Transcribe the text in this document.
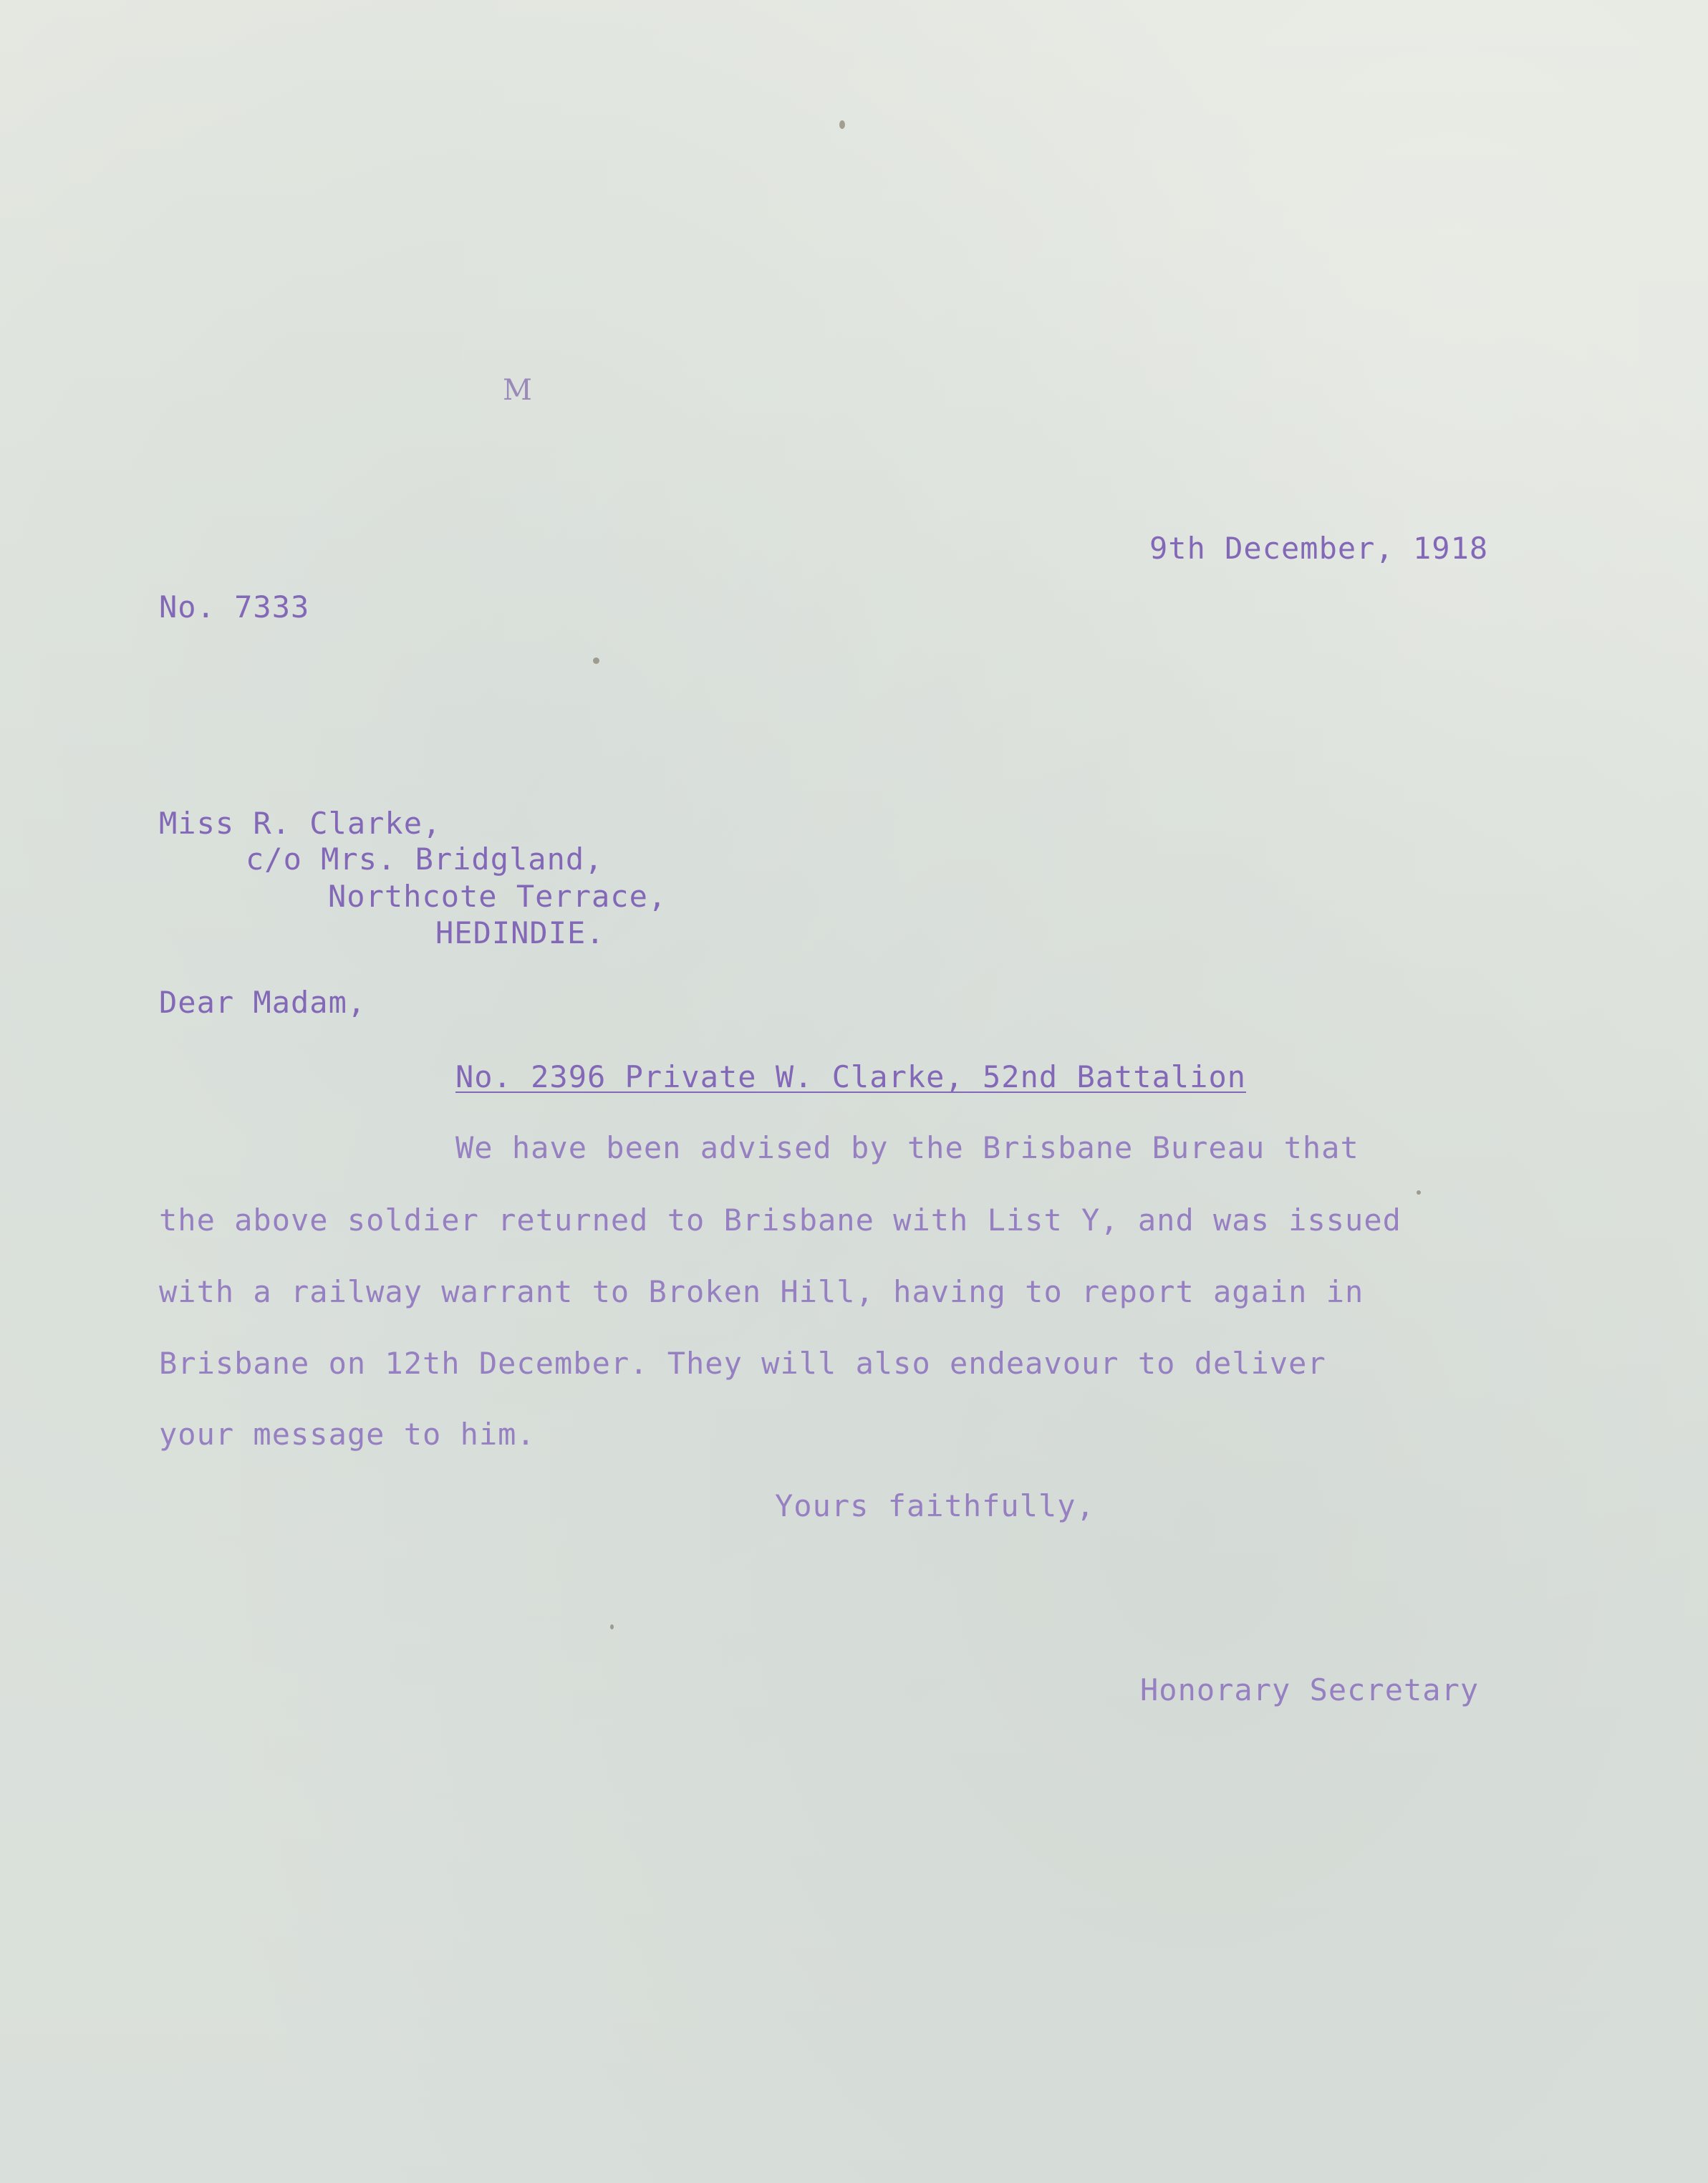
M

9th December, 1918

No. 7333

Miss R. Clarke,

c/o Mrs. Bridgland,

Northcote Terrace,

HEDINDIE.

Dear Madam,

No. 2396 Private W. Clarke, 52nd Battalion

We have been advised by the Brisbane Bureau that

the above soldier returned to Brisbane with List Y, and was issued

with a railway warrant to Broken Hill, having to report again in

Brisbane on 12th December. They will also endeavour to deliver

your message to him.

Yours faithfully,

Honorary Secretary
